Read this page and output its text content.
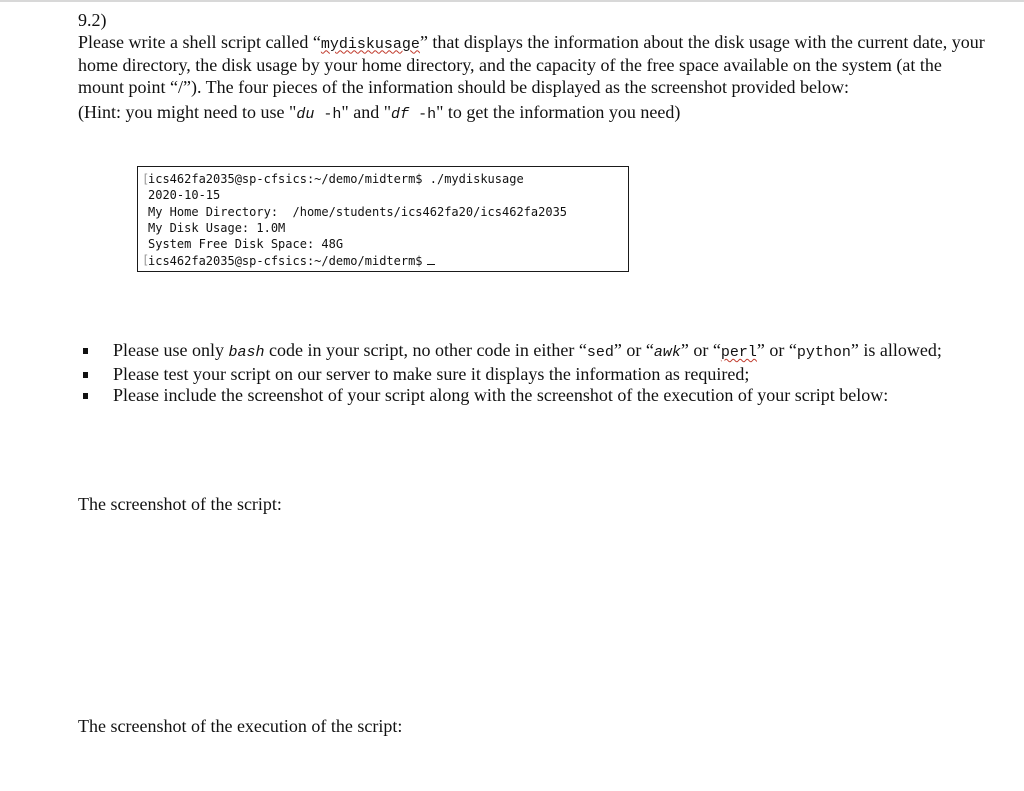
9.2)

Please write a shell script called “mydiskusage” that displays the information about the disk usage with the current date, your home directory, the disk usage by your home directory, and the capacity of the free space available on the system (at the mount point “/”). The four pieces of the information should be displayed as the screenshot provided below:

(Hint: you might need to use "du -h" and "df -h" to get the information you need)

[
ics462fa2035@sp-cfsics:~/demo/midterm$ ./mydiskusage
2020-10-15
My Home Directory:  /home/students/ics462fa20/ics462fa2035
My Disk Usage: 1.0M
System Free Disk Space: 48G
[
ics462fa2035@sp-cfsics:~/demo/midterm$
Please use only bash code in your script, no other code in either “sed” or “awk” or “perl” or “python” is allowed;
Please test your script on our server to make sure it displays the information as required;
Please include the screenshot of your script along with the screenshot of the execution of your script below:
The screenshot of the script:
The screenshot of the execution of the script:
